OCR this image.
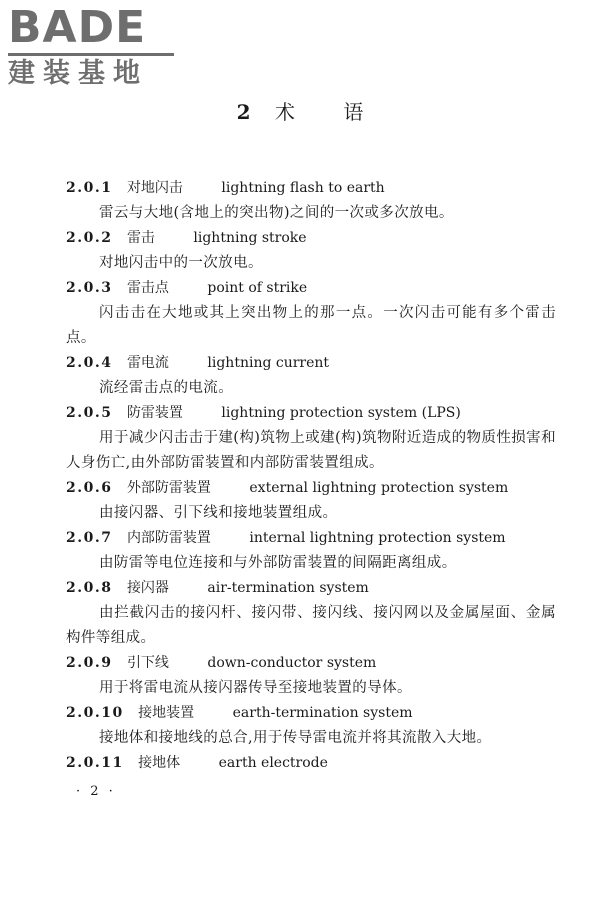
BADE
建装基地
2 术 语
2.0.1 对地闪击	lightning flash to earth

雷云与大地(含地上的突出物)之间的一次或多次放电。

2.0.2 雷击	lightning stroke

对地闪击中的一次放电。

2.0.3 雷击点	point of strike

闪击击在大地或其上突出物上的那一点。一次闪击可能有多个雷击点。

2.0.4 雷电流	lightning current

流经雷击点的电流。

2.0.5 防雷装置	lightning protection system (LPS)

用于减少闪击击于建(构)筑物上或建(构)筑物附近造成的物质性损害和人身伤亡,由外部防雷装置和内部防雷装置组成。

2.0.6 外部防雷装置	external lightning protection system

由接闪器、引下线和接地装置组成。

2.0.7 内部防雷装置	internal lightning protection system

由防雷等电位连接和与外部防雷装置的间隔距离组成。

2.0.8 接闪器	air-termination system

由拦截闪击的接闪杆、接闪带、接闪线、接闪网以及金属屋面、金属构件等组成。

2.0.9 引下线	down-conductor system

用于将雷电流从接闪器传导至接地装置的导体。

2.0.10 接地装置	earth-termination system

接地体和接地线的总合,用于传导雷电流并将其流散入大地。

2.0.11 接地体	earth electrode
· 2 ·
